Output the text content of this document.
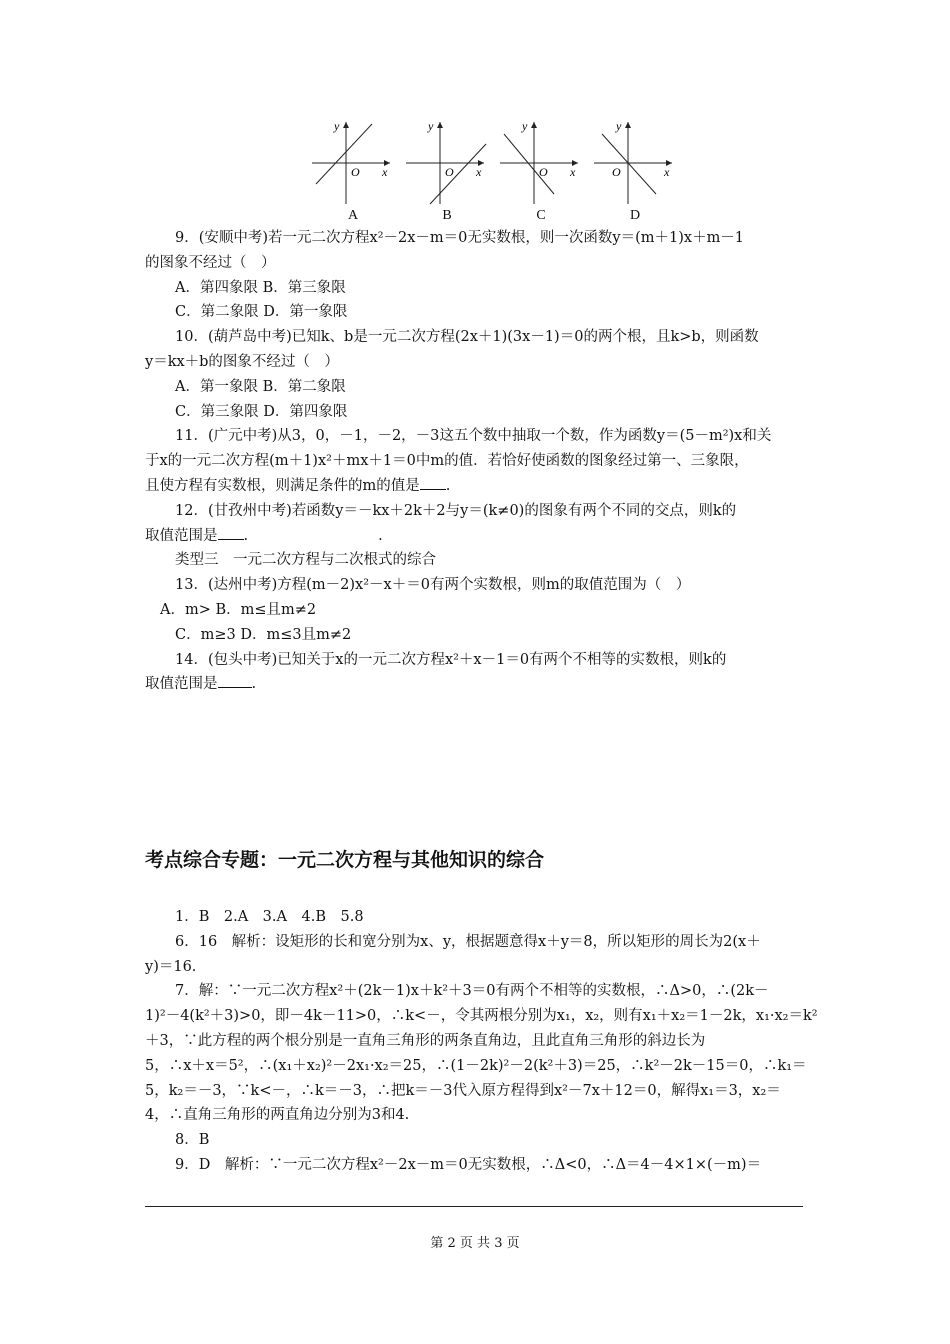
y
x
O
A
y
x
O
B
y
x
O
C
y
x
O
D
9．(安顺中考)若一元二次方程x²－2x－m＝0无实数根，则一次函数y＝(m＋1)x＋m－1
的图象不经过（　）
A．第四象限 B．第三象限
C．第二象限 D．第一象限
10．(葫芦岛中考)已知k、b是一元二次方程(2x＋1)(3x－1)＝0的两个根，且k>b，则函数
y＝kx＋b的图象不经过（　）
A．第一象限 B．第二象限
C．第三象限 D．第四象限
11．(广元中考)从3，0，－1，－2，－3这五个数中抽取一个数，作为函数y＝(5－m²)x和关
于x的一元二次方程(m＋1)x²＋mx＋1＝0中m的值．若恰好使函数的图象经过第一、三象限，
且使方程有实数根，则满足条件的m的值是 .
12．(甘孜州中考)若函数y＝－kx＋2k＋2与y＝(k≠0)的图象有两个不同的交点，则k的
取值范围是 .	.
类型三　一元二次方程与二次根式的综合
13．(达州中考)方程(m－2)x²－x＋＝0有两个实数根，则m的取值范围为（　）
A．m> B．m≤且m≠2
C．m≥3 D．m≤3且m≠2
14．(包头中考)已知关于x的一元二次方程x²＋x－1＝0有两个不相等的实数根，则k的
取值范围是 .
考点综合专题：一元二次方程与其他知识的综合
1．B　2.A　3.A　4.B　5.8
6．16　解析：设矩形的长和宽分别为x、y，根据题意得x＋y＝8，所以矩形的周长为2(x＋
y)＝16.
7．解：∵一元二次方程x²＋(2k－1)x＋k²＋3＝0有两个不相等的实数根，∴Δ>0，∴(2k－
1)²－4(k²＋3)>0，即－4k－11>0，∴k<－，令其两根分别为x₁，x₂，则有x₁＋x₂＝1－2k，x₁·x₂＝k²
＋3，∵此方程的两个根分别是一直角三角形的两条直角边，且此直角三角形的斜边长为
5，∴x＋x＝5²，∴(x₁＋x₂)²－2x₁·x₂＝25，∴(1－2k)²－2(k²＋3)＝25，∴k²－2k－15＝0，∴k₁＝
5，k₂＝－3，∵k<－，∴k＝－3，∴把k＝－3代入原方程得到x²－7x＋12＝0，解得x₁＝3，x₂＝
4，∴直角三角形的两直角边分别为3和4.
8．B
9．D　解析：∵一元二次方程x²－2x－m＝0无实数根，∴Δ<0，∴Δ＝4－4×1×(－m)＝
第 2 页 共 3 页
